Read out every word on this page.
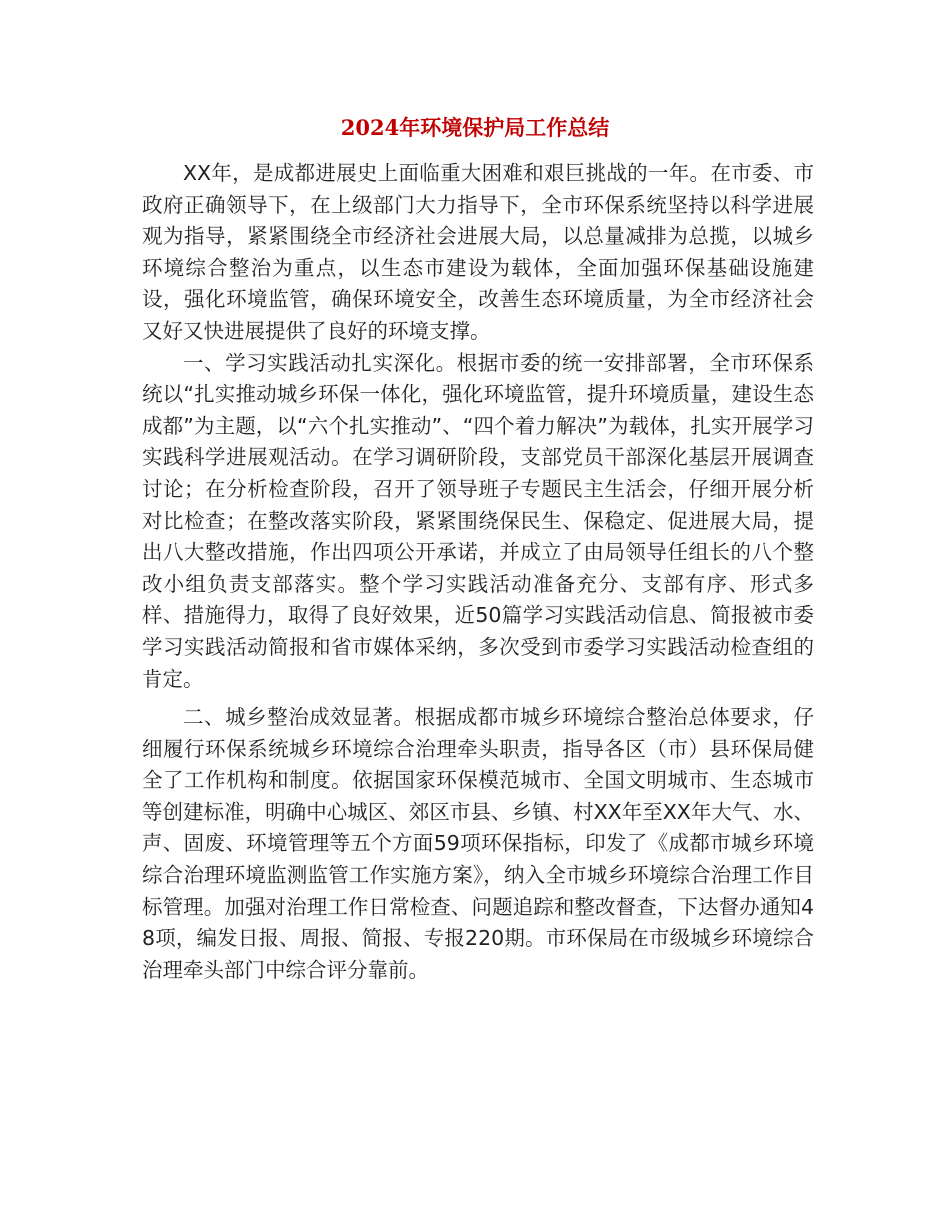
2024年环境保护局工作总结

XX年，是成都进展史上面临重大困难和艰巨挑战的一年。在市委、市政府正确领导下，在上级部门大力指导下，全市环保系统坚持以科学进展观为指导，紧紧围绕全市经济社会进展大局，以总量减排为总揽，以城乡环境综合整治为重点，以生态市建设为载体，全面加强环保基础设施建设，强化环境监管，确保环境安全，改善生态环境质量，为全市经济社会又好又快进展提供了良好的环境支撑。

一、学习实践活动扎实深化。根据市委的统一安排部署，全市环保系统以“扎实推动城乡环保一体化，强化环境监管，提升环境质量，建设生态成都”为主题，以“六个扎实推动”、“四个着力解决”为载体，扎实开展学习实践科学进展观活动。在学习调研阶段，支部党员干部深化基层开展调查讨论；在分析检查阶段，召开了领导班子专题民主生活会，仔细开展分析对比检查；在整改落实阶段，紧紧围绕保民生、保稳定、促进展大局，提出八大整改措施，作出四项公开承诺，并成立了由局领导任组长的八个整改小组负责支部落实。整个学习实践活动准备充分、支部有序、形式多样、措施得力，取得了良好效果，近50篇学习实践活动信息、简报被市委学习实践活动简报和省市媒体采纳，多次受到市委学习实践活动检查组的肯定。

二、城乡整治成效显著。根据成都市城乡环境综合整治总体要求，仔细履行环保系统城乡环境综合治理牵头职责，指导各区（市）县环保局健全了工作机构和制度。依据国家环保模范城市、全国文明城市、生态城市等创建标准，明确中心城区、郊区市县、乡镇、村XX年至XX年大气、水、声、固废、环境管理等五个方面59项环保指标，印发了《成都市城乡环境综合治理环境监测监管工作实施方案》，纳入全市城乡环境综合治理工作目标管理。加强对治理工作日常检查、问题追踪和整改督查，下达督办通知48项，编发日报、周报、简报、专报220期。市环保局在市级城乡环境综合治理牵头部门中综合评分靠前。
